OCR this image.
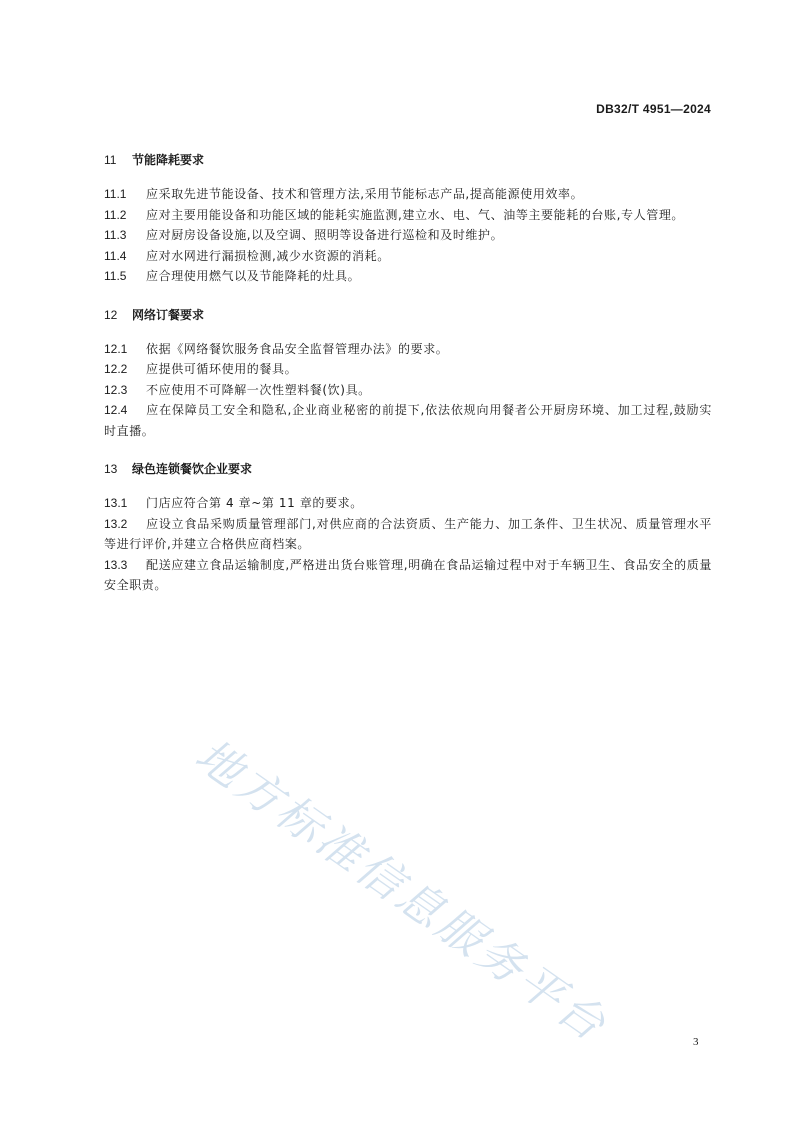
DB32/T 4951—2024
11 节能降耗要求
11.1 应采取先进节能设备、技术和管理方法,采用节能标志产品,提高能源使用效率。
11.2 应对主要用能设备和功能区域的能耗实施监测,建立水、电、气、油等主要能耗的台账,专人管理。
11.3 应对厨房设备设施,以及空调、照明等设备进行巡检和及时维护。
11.4 应对水网进行漏损检测,减少水资源的消耗。
11.5 应合理使用燃气以及节能降耗的灶具。
12 网络订餐要求
12.1 依据《网络餐饮服务食品安全监督管理办法》的要求。
12.2 应提供可循环使用的餐具。
12.3 不应使用不可降解一次性塑料餐(饮)具。
12.4 应在保障员工安全和隐私,企业商业秘密的前提下,依法依规向用餐者公开厨房环境、加工过程,鼓励实时直播。
13 绿色连锁餐饮企业要求
13.1 门店应符合第 4 章~第 11 章的要求。
13.2 应设立食品采购质量管理部门,对供应商的合法资质、生产能力、加工条件、卫生状况、质量管理水平等进行评价,并建立合格供应商档案。
13.3 配送应建立食品运输制度,严格进出货台账管理,明确在食品运输过程中对于车辆卫生、食品安全的质量安全职责。
地方标准信息服务平台	3
